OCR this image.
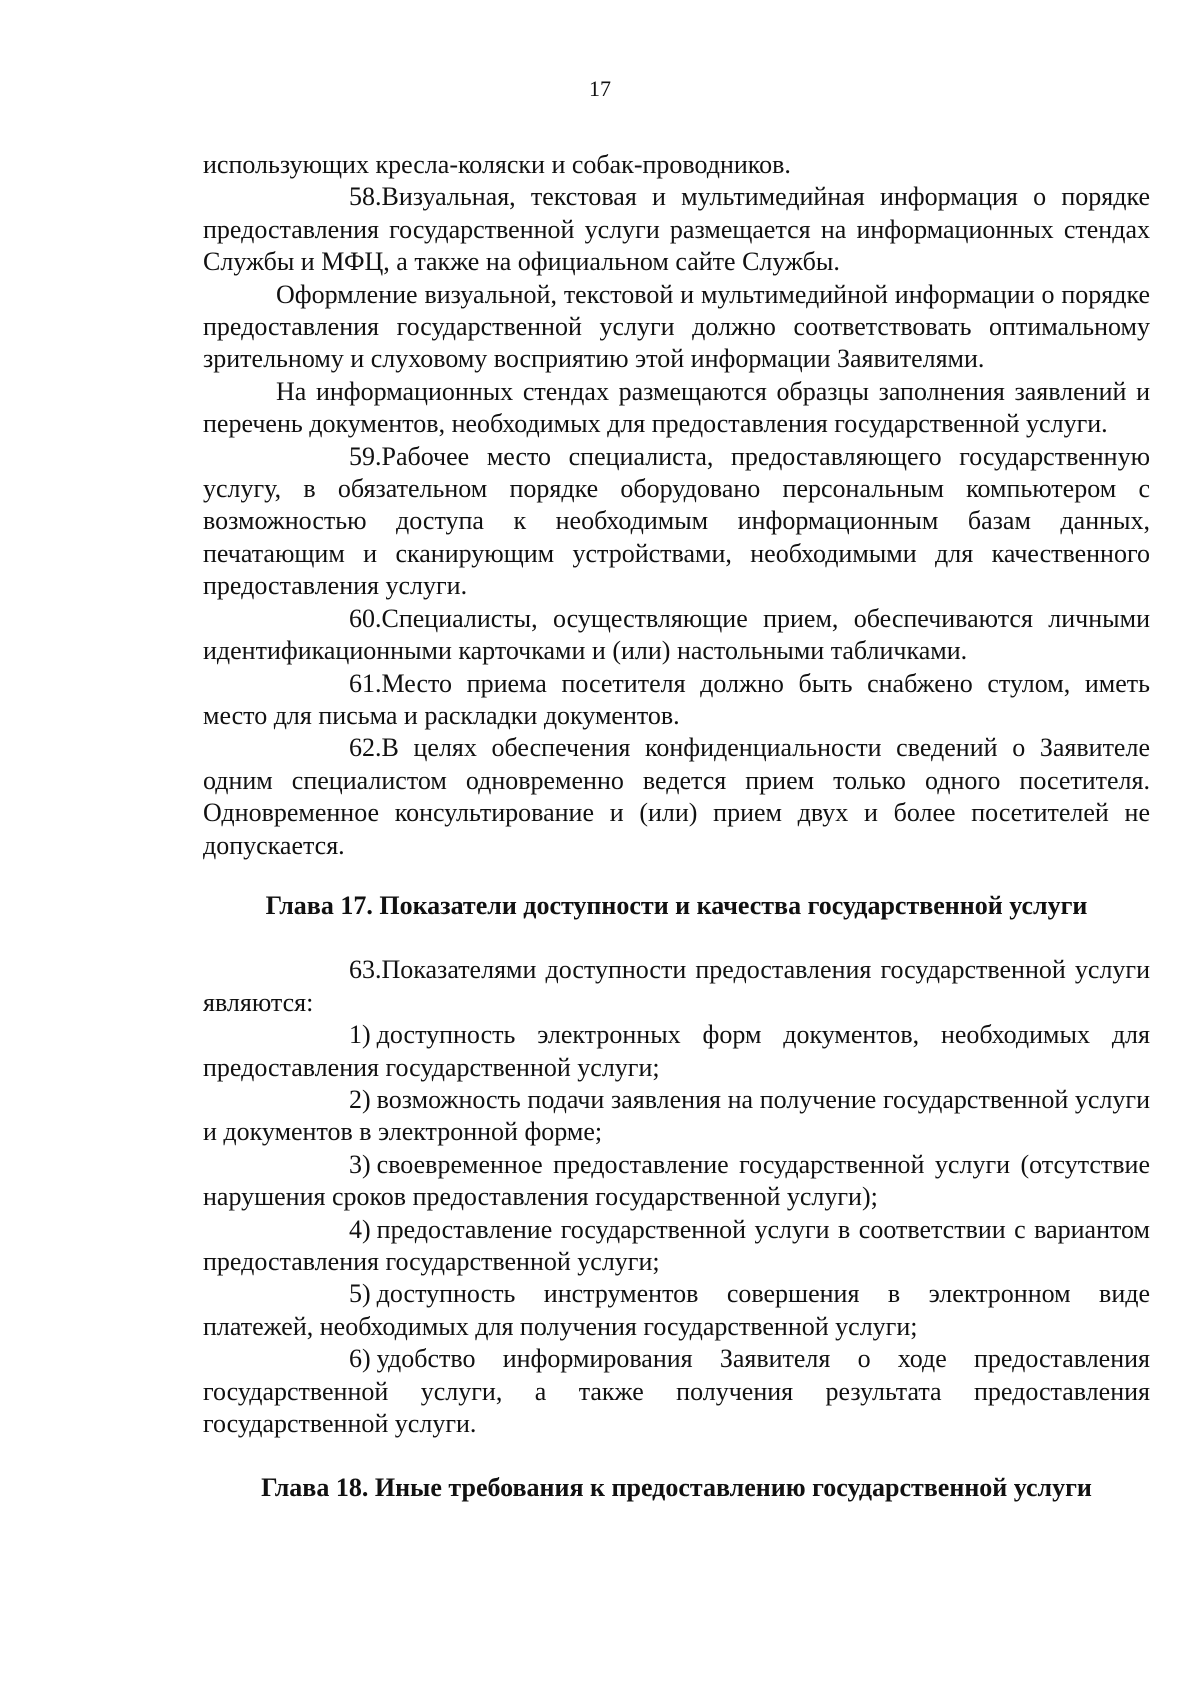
17

использующих кресла-коляски и собак-проводников.

58.Визуальная, текстовая и мультимедийная информация о порядке предоставления государственной услуги размещается на информационных стендах Службы и МФЦ, а также на официальном сайте Службы.

Оформление визуальной, текстовой и мультимедийной информации о порядке предоставления государственной услуги должно соответствовать оптимальному зрительному и слуховому восприятию этой информации Заявителями.

На информационных стендах размещаются образцы заполнения заявлений и перечень документов, необходимых для предоставления государственной услуги.

59.Рабочее место специалиста, предоставляющего государственную услугу, в обязательном порядке оборудовано персональным компьютером с возможностью доступа к необходимым информационным базам данных, печатающим и сканирующим устройствами, необходимыми для качественного предоставления услуги.

60.Специалисты, осуществляющие прием, обеспечиваются личными идентификационными карточками и (или) настольными табличками.

61.Место приема посетителя должно быть снабжено стулом, иметь место для письма и раскладки документов.

62.В целях обеспечения конфиденциальности сведений о Заявителе одним специалистом одновременно ведется прием только одного посетителя. Одновременное консультирование и (или) прием двух и более посетителей не допускается.

Глава 17. Показатели доступности и качества государственной услуги

63.Показателями доступности предоставления государственной услуги являются:

1) доступность электронных форм документов, необходимых для предоставления государственной услуги;

2) возможность подачи заявления на получение государственной услуги и документов в электронной форме;

3) своевременное предоставление государственной услуги (отсутствие нарушения сроков предоставления государственной услуги);

4) предоставление государственной услуги в соответствии с вариантом предоставления государственной услуги;

5) доступность инструментов совершения в электронном виде платежей, необходимых для получения государственной услуги;

6) удобство информирования Заявителя о ходе предоставления государственной услуги, а также получения результата предоставления государственной услуги.

Глава 18. Иные требования к предоставлению государственной услуги
